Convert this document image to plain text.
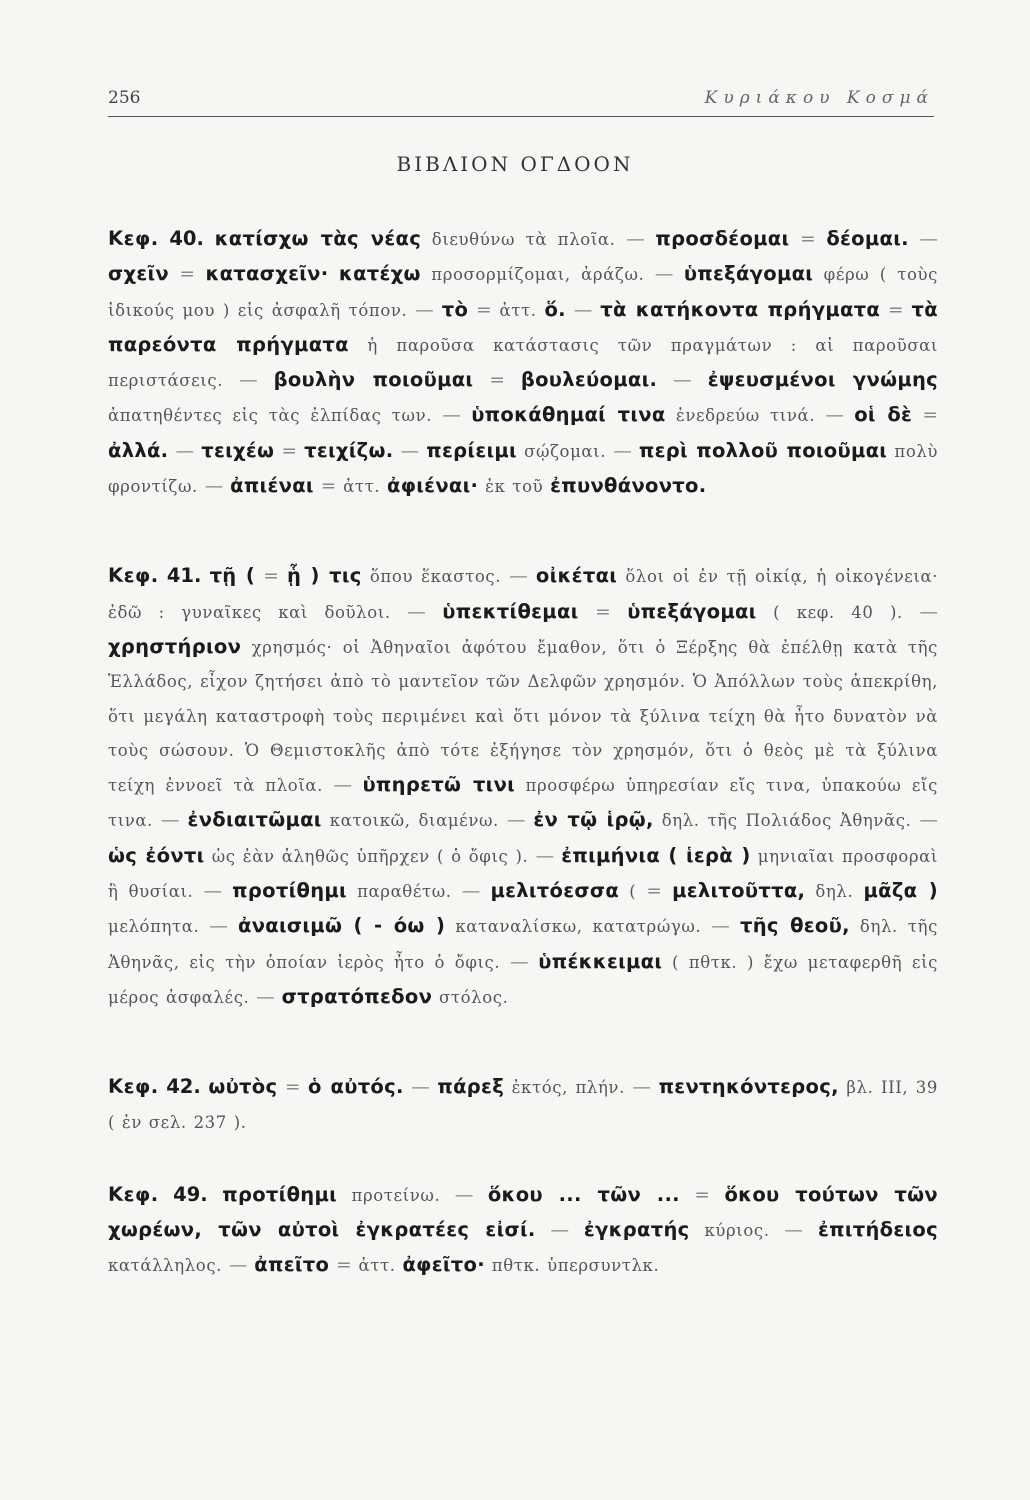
256	Κυριάκου Κοσμά
ΒΙΒΛΙΟΝ ΟΓΔΟΟΝ

Κεφ. 40. κατίσχω τὰς νέας διευθύνω τὰ πλοῖα. — προσδέομαι = δέομαι. — σχεῖν = κατασχεῖν· κατέχω προσορμίζομαι, ἀράζω. — ὑπεξάγομαι φέρω ( τοὺς ἰδικούς μου ) εἰς ἀσφαλῆ τόπον. — τὸ = ἀττ. ὅ. — τὰ κατήκοντα πρήγματα = τὰ παρεόντα πρήγματα ἡ παροῦσα κατάστασις τῶν πραγμάτων : αἱ παροῦσαι περιστάσεις. — βουλὴν ποιοῦμαι = βουλεύομαι. — ἐψευσμένοι γνώμης ἀπατηθέντες εἰς τὰς ἐλπίδας των. — ὑποκάθημαί τινα ἐνεδρεύω τινά. — οἱ δὲ = ἀλλά. — τειχέω = τειχίζω. — περίειμι σῴζομαι. — περὶ πολλοῦ ποιοῦμαι πολὺ φροντίζω. — ἀπιέναι = ἀττ. ἀφιέναι· ἐκ τοῦ ἐπυνθάνοντο.

Κεφ. 41. τῇ ( = ᾗ ) τις ὅπου ἕκαστος. — οἰκέται ὅλοι οἱ ἐν τῇ οἰκίᾳ, ἡ οἰκογένεια· ἐδῶ : γυναῖκες καὶ δοῦλοι. — ὑπεκτίθεμαι = ὑπεξάγομαι ( κεφ. 40 ). — χρηστήριον χρησμός· οἱ Ἀθηναῖοι ἀφότου ἔμαθον, ὅτι ὁ Ξέρξης θὰ ἐπέλθῃ κατὰ τῆς Ἑλλάδος, εἶχον ζητήσει ἀπὸ τὸ μαντεῖον τῶν Δελφῶν χρησμόν. Ὁ Ἀπόλλων τοὺς ἀπεκρίθη, ὅτι μεγάλη καταστροφὴ τοὺς περιμένει καὶ ὅτι μόνον τὰ ξύλινα τείχη θὰ ἦτο δυνατὸν νὰ τοὺς σώσουν. Ὁ Θεμιστοκλῆς ἀπὸ τότε ἐξήγησε τὸν χρησμόν, ὅτι ὁ θεὸς μὲ τὰ ξύλινα τείχη ἐννοεῖ τὰ πλοῖα. — ὑπηρετῶ τινι προσφέρω ὑπηρεσίαν εἴς τινα, ὑπακούω εἴς τινα. — ἐνδιαιτῶμαι κατοικῶ, διαμένω. — ἐν τῷ ἱρῷ, δηλ. τῆς Πολιάδος Ἀθηνᾶς. — ὡς ἐόντι ὡς ἐὰν ἀληθῶς ὑπῆρχεν ( ὁ ὄφις ). — ἐπιμήνια ( ἱερὰ ) μηνιαῖαι προσφοραὶ ἢ θυσίαι. — προτίθημι παραθέτω. — μελιτόεσσα ( = μελιτοῦττα, δηλ. μᾶζα ) μελόπητα. — ἀναισιμῶ ( - όω ) καταναλίσκω, κατατρώγω. — τῆς θεοῦ, δηλ. τῆς Ἀθηνᾶς, εἰς τὴν ὁποίαν ἱερὸς ἦτο ὁ ὄφις. — ὑπέκκειμαι ( πθτκ. ) ἔχω μεταφερθῆ εἰς μέρος ἀσφαλές. — στρατόπεδον στόλος.

Κεφ. 42. ωὐτὸς = ὁ αὐτός. — πάρεξ ἐκτός, πλήν. — πεντηκόντερος, βλ. III, 39 ( ἐν σελ. 237 ).

Κεφ. 49. προτίθημι προτείνω. — ὅκου ... τῶν ... = ὅκου τούτων τῶν χωρέων, τῶν αὐτοὶ ἐγκρατέες εἰσί. — ἐγκρατής κύριος. — ἐπιτήδειος κατάλληλος. — ἀπεῖτο = ἀττ. ἀφεῖτο· πθτκ. ὑπερσυντλκ.
